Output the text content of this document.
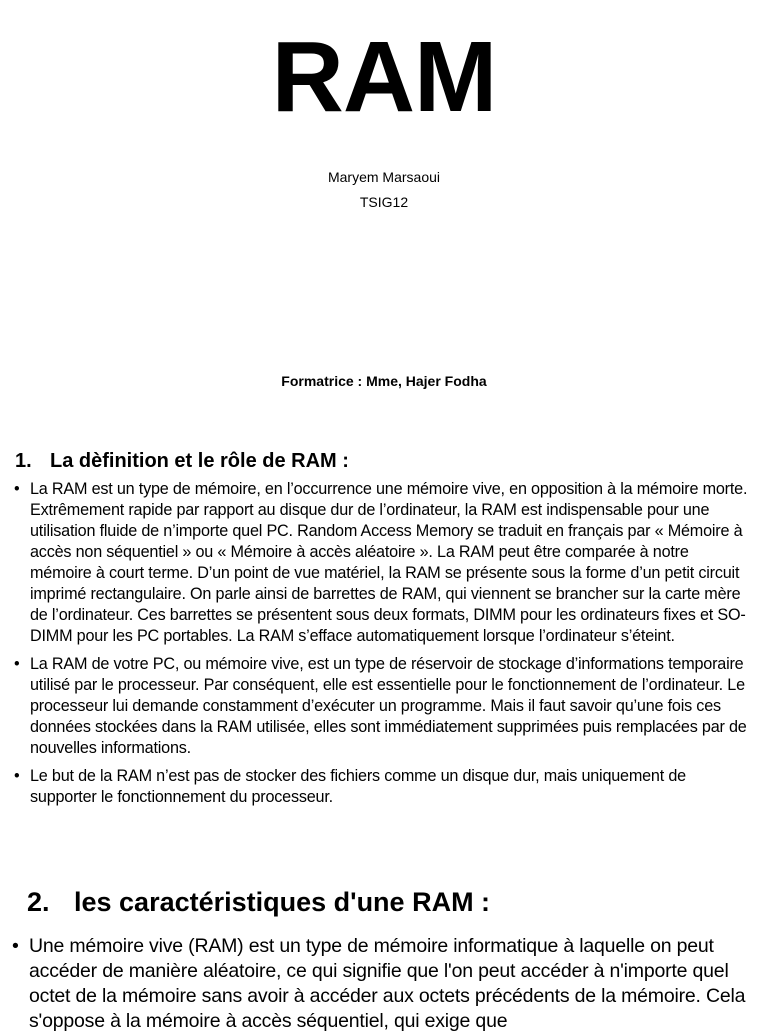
RAM
Maryem Marsaoui
TSIG12
Formatrice : Mme, Hajer Fodha
1. La dèfinition et le rôle de RAM :
• La RAM est un type de mémoire, en l’occurrence une mémoire vive, en opposition à la mémoire morte. Extrêmement rapide par rapport au disque dur de l’ordinateur, la RAM est indispensable pour une utilisation fluide de n’importe quel PC. Random Access Memory se traduit en français par « Mémoire à accès non séquentiel » ou « Mémoire à accès aléatoire ». La RAM peut être comparée à notre mémoire à court terme. D’un point de vue matériel, la RAM se présente sous la forme d’un petit circuit imprimé rectangulaire. On parle ainsi de barrettes de RAM, qui viennent se brancher sur la carte mère de l’ordinateur. Ces barrettes se présentent sous deux formats, DIMM pour les ordinateurs fixes et SO-DIMM pour les PC portables. La RAM s’efface automatiquement lorsque l’ordinateur s’éteint.
• La RAM de votre PC, ou mémoire vive, est un type de réservoir de stockage d’informations temporaire utilisé par le processeur. Par conséquent, elle est essentielle pour le fonctionnement de l’ordinateur. Le processeur lui demande constamment d’exécuter un programme. Mais il faut savoir qu’une fois ces données stockées dans la RAM utilisée, elles sont immédiatement supprimées puis remplacées par de nouvelles informations.
• Le but de la RAM n’est pas de stocker des fichiers comme un disque dur, mais uniquement de supporter le fonctionnement du processeur.
2. les caractéristiques d'une RAM :
• Une mémoire vive (RAM) est un type de mémoire informatique à laquelle on peut accéder de manière aléatoire, ce qui signifie que l'on peut accéder à n'importe quel octet de la mémoire sans avoir à accéder aux octets précédents de la mémoire. Cela s'oppose à la mémoire à accès séquentiel, qui exige que
